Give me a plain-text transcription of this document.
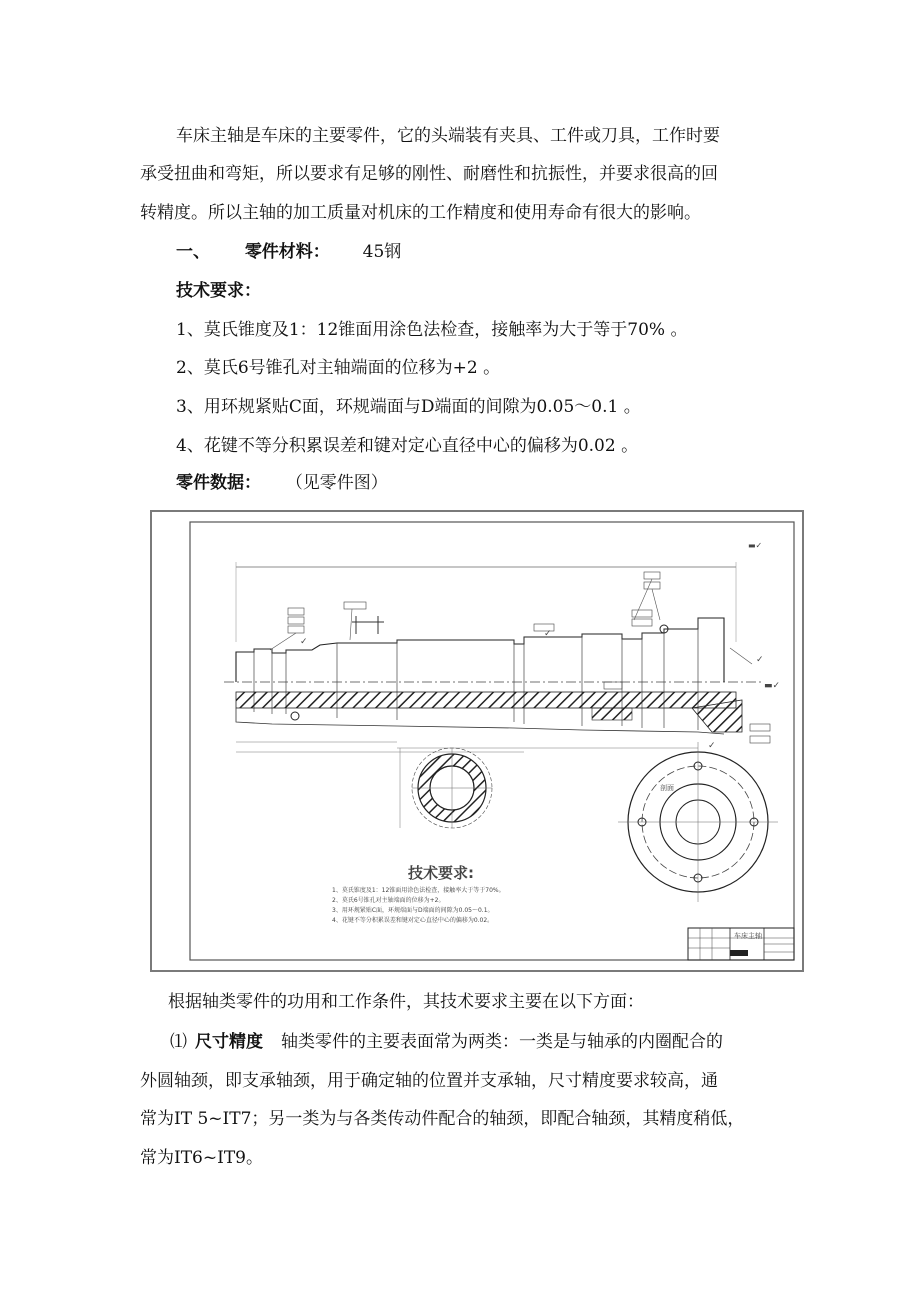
车床主轴是车床的主要零件，它的头端装有夹具、工件或刀具，工作时要

承受扭曲和弯矩，所以要求有足够的刚性、耐磨性和抗振性，并要求很高的回

转精度。所以主轴的加工质量对机床的工作精度和使用寿命有很大的影响。

一、 零件材料： 45钢

技术要求：

1、莫氏锥度及1：12锥面用涂色法检查，接触率为大于等于70% 。

2、莫氏6号锥孔对主轴端面的位移为+2 。

3、用环规紧贴C面，环规端面与D端面的间隙为0.05～0.1 。

4、花键不等分积累误差和键对定心直径中心的偏移为0.02 。

零件数据： （见零件图）

▬✓
✓
✓
✓
▬✓
✓
剖面
技术要求:
1、莫氏锥度及1：12锥面用涂色法检查，接触率大于等于70%。
2、莫氏6号锥孔对主轴端面的位移为+2。
3、用环规紧贴C面，环规端面与D端面的间隙为0.05～0.1。
4、花键不等分积累误差和键对定心直径中心的偏移为0.02。
车床主轴

根据轴类零件的功用和工作条件，其技术要求主要在以下方面：

⑴ 尺寸精度 轴类零件的主要表面常为两类：一类是与轴承的内圈配合的

外圆轴颈，即支承轴颈，用于确定轴的位置并支承轴，尺寸精度要求较高，通

常为IT 5~IT7；另一类为与各类传动件配合的轴颈，即配合轴颈，其精度稍低，

常为IT6~IT9。
